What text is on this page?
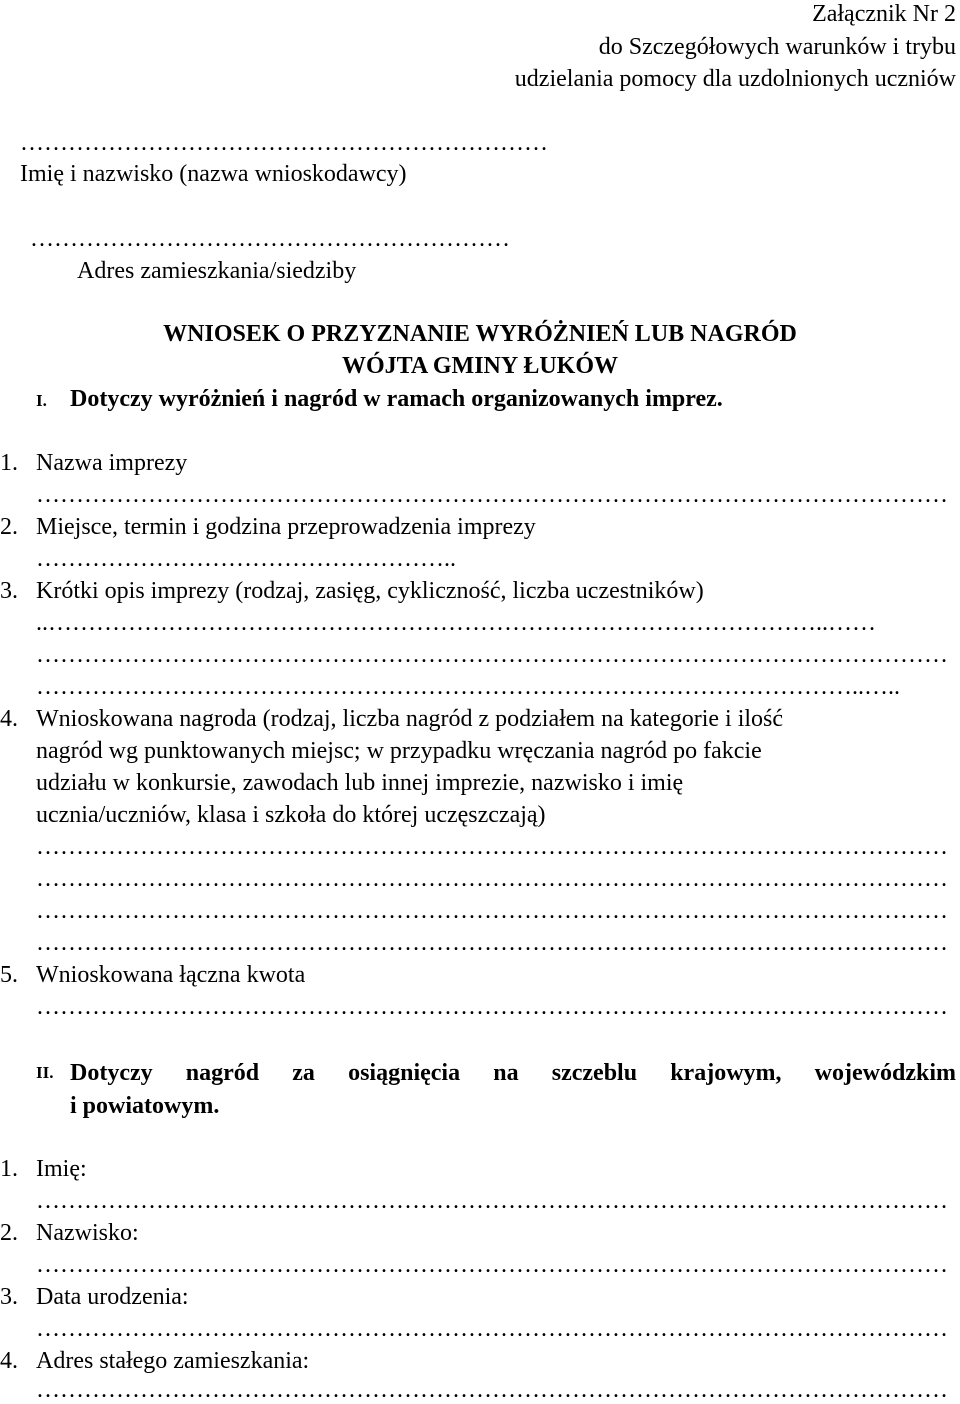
Załącznik Nr 2
do Szczegółowych warunków i trybu
udzielania pomocy dla uzdolnionych uczniów
…………………………………………………………
Imię i nazwisko (nazwa wnioskodawcy)
……………………………………………………
Adres zamieszkania/siedziby
WNIOSEK O PRZYZNANIE WYRÓŻNIEŃ LUB NAGRÓD
WÓJTA GMINY ŁUKÓW
I. Dotyczy wyróżnień i nagród w ramach organizowanych imprez.
1. Nazwa imprezy
……………………………………………………………………………………………………
2. Miejsce, termin i godzina przeprowadzenia imprezy
……………………………………………..
3. Krótki opis imprezy (rodzaj, zasięg, cykliczność, liczba uczestników)
..……………………………………………………………………………………..……
……………………………………………………………………………………………………
…………………………………………………………………………………………..…..
4. Wnioskowana nagroda (rodzaj, liczba nagród z podziałem na kategorie i ilość
nagród wg punktowanych miejsc; w przypadku wręczania nagród po fakcie
udziału w konkursie, zawodach lub innej imprezie, nazwisko i imię
ucznia/uczniów, klasa i szkoła do której uczęszczają)
……………………………………………………………………………………………………
……………………………………………………………………………………………………
……………………………………………………………………………………………………
……………………………………………………………………………………………………
5. Wnioskowana łączna kwota
……………………………………………………………………………………………………
II. Dotyczy nagród za osiągnięcia na szczeblu krajowym, wojewódzkim
i powiatowym.
1. Imię:
……………………………………………………………………………………………………
2. Nazwisko:
……………………………………………………………………………………………………
3. Data urodzenia:
……………………………………………………………………………………………………
4. Adres stałego zamieszkania:
……………………………………………………………………………………………………
